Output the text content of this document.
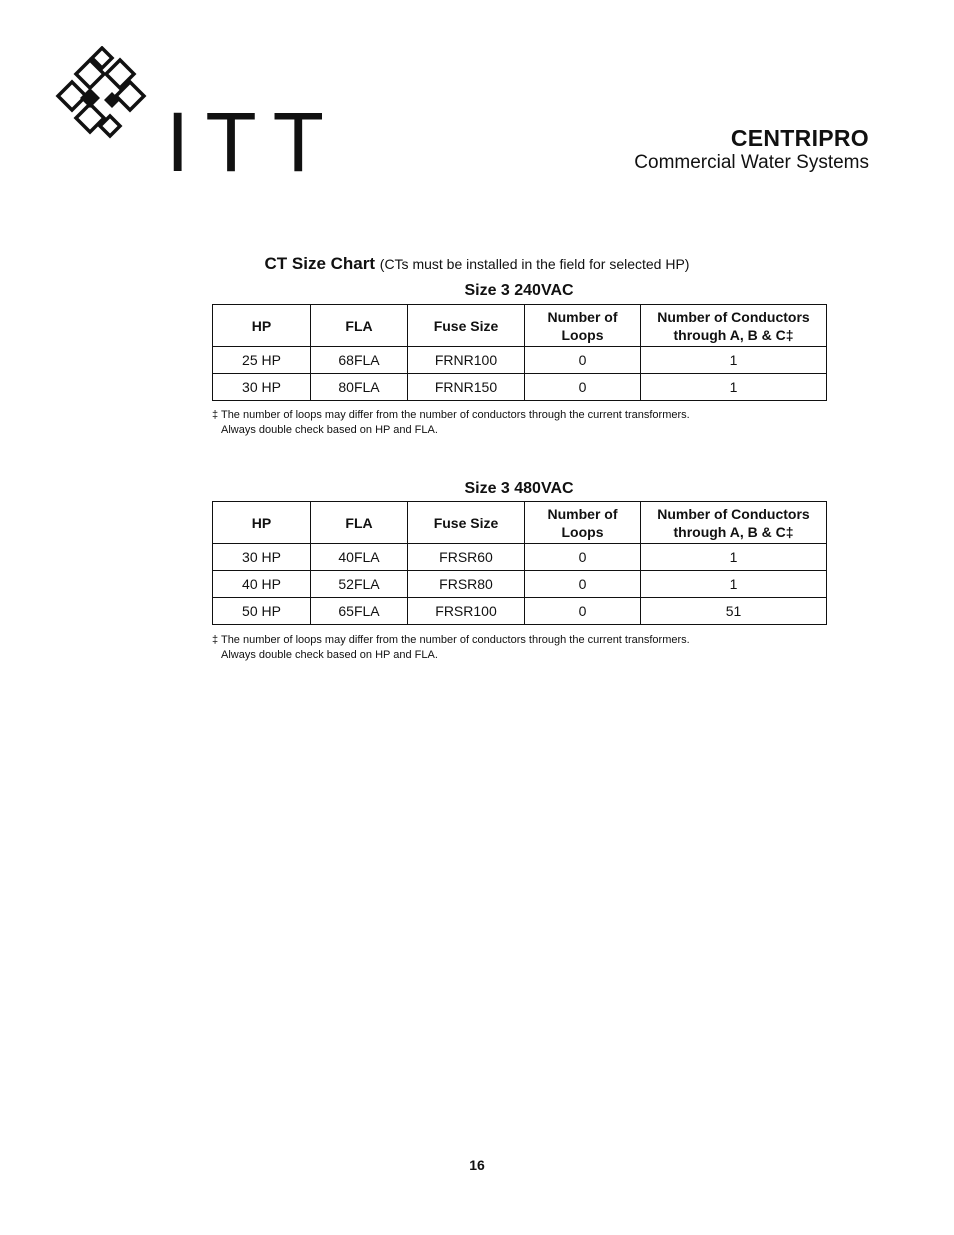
ITT	CENTRIPRO
Commercial Water Systems
CT Size Chart (CTs must be installed in the field for selected HP)
Size 3 240VAC
HP	FLA	Fuse Size	Number of Loops	Number of Conductors through A, B & C‡
25 HP	68FLA	FRNR100	0	1
30 HP	80FLA	FRNR150	0	1
‡ The number of loops may differ from the number of conductors through the current transformers.
Always double check based on HP and FLA.
Size 3 480VAC
HP	FLA	Fuse Size	Number of Loops	Number of Conductors through A, B & C‡
30 HP	40FLA	FRSR60	0	1
40 HP	52FLA	FRSR80	0	1
50 HP	65FLA	FRSR100	0	51
‡ The number of loops may differ from the number of conductors through the current transformers.
Always double check based on HP and FLA.
16
